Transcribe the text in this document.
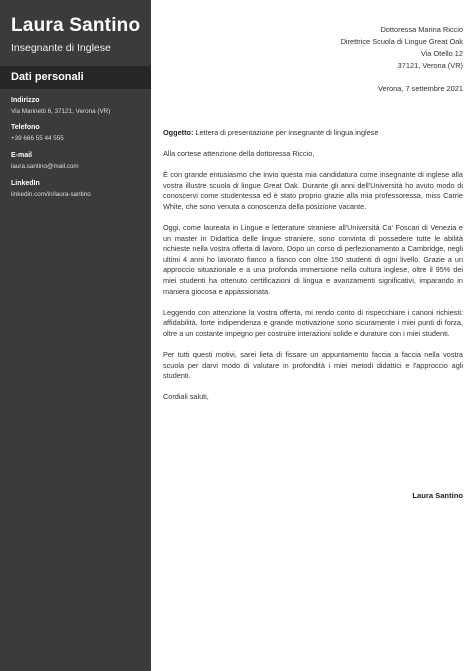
Laura Santino
Insegnante di Inglese
Dati personali
Indirizzo
Via Marinetti 6, 37121, Verona (VR)
Telefono
+39 666 55 44 555
E-mail
laura.santino@mail.com
LinkedIn
linkedin.com/in/laura-santino
Dottoressa Marina Riccio
Direttrice Scuola di Lingue Great Oak
Via Otello 12
37121, Verona (VR)
Verona, 7 settembre 2021

Oggetto: Lettera di presentazione per insegnante di lingua inglese

Alla cortese attenzione della dottoressa Riccio,

È con grande entusiasmo che invio questa mia candidatura come insegnante di inglese alla vostra illustre scuola di lingue Great Oak. Durante gli anni dell'Università ho avuto modo di conoscervi come studentessa ed è stato proprio grazie alla mia professoressa, miss Carrie White, che sono venuta a conoscenza della posizione vacante.

Oggi, come laureata in Lingue e letterature straniere all'Università Ca' Foscari di Venezia e un master in Didattica delle lingue straniere, sono convinta di possedere tutte le abilità richieste nella vostra offerta di lavoro. Dopo un corso di perfezionamento a Cambridge, negli ultimi 4 anni ho lavorato fianco a fianco con oltre 150 studenti di ogni livello. Grazie a un approccio situazionale e a una profonda immersione nella cultura inglese, oltre il 95% dei miei studenti ha ottenuto certificazioni di lingua e avanzamenti significativi, imparando in maniera giocosa e appassionata.

Leggendo con attenzione la vostra offerta, mi rendo conto di rispecchiare i canoni richiesti: affidabilità, forte indipendenza e grande motivazione sono sicuramente i miei punti di forza, oltre a un costante impegno per costruire interazioni solide e durature con i miei studenti.

Per tutti questi motivi, sarei lieta di fissare un appuntamento faccia a faccia nella vostra scuola per darvi modo di valutare in profondità i miei metodi didattici e l'approccio agli studenti.

Cordiali saluti,

Laura Santino
